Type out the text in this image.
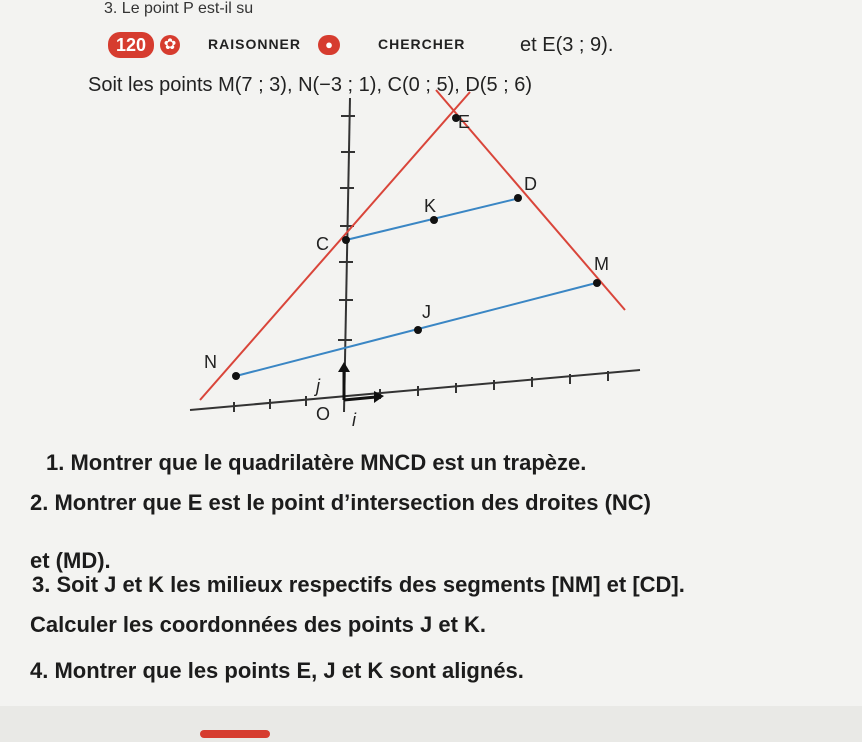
3. Le point P est-il su
120	✿ RAISONNER	●	CHERCHER	et E(3 ; 9).
Soit les points M(7 ; 3), N(−3 ; 1), C(0 ; 5), D(5 ; 6)
E
D
K
C
M
J
N
O
j
i
1. Montrer que le quadrilatère MNCD est un trapèze.
2. Montrer que E est le point d’intersection des droites (NC)
et (MD).
3. Soit J et K les milieux respectifs des segments [NM] et [CD].
Calculer les coordonnées des points J et K.
4. Montrer que les points E, J et K sont alignés.
